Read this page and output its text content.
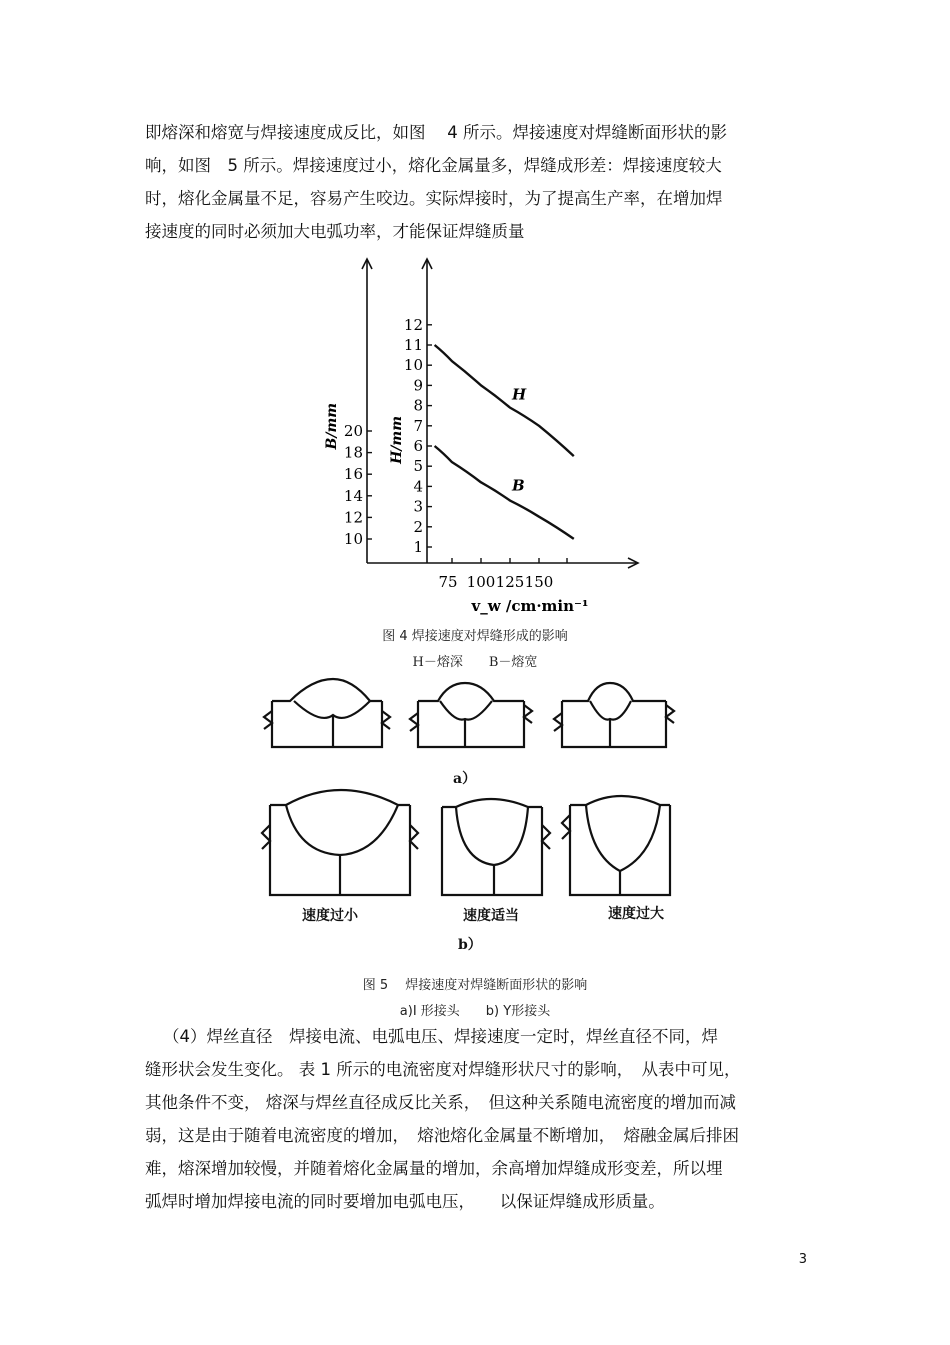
即熔深和熔宽与焊接速度成反比，如图　 4 所示。焊接速度对焊缝断面形状的影
响，如图　5 所示。焊接速度过小，熔化金属量多，焊缝成形差：焊接速度较大
时，熔化金属量不足，容易产生咬边。实际焊接时，为了提高生产率，在增加焊
接速度的同时必须加大电弧功率，才能保证焊缝质量
10
12
14
16
18
20
1
2
3
4
5
6
7
8
9
10
11
12
75 100 125 150
B/mm	H/mm
v_w /cm·min⁻¹
H
B
图 4 焊接速度对焊缝形成的影响
H－熔深　　B－熔宽
a）
速度过小	速度适当	速度过大
b）
图 5　 焊接速度对焊缝断面形状的影响
a)I 形接头　　b) Y形接头
（4）焊丝直径　焊接电流、电弧电压、焊接速度一定时，焊丝直径不同，焊
缝形状会发生变化。 表 1 所示的电流密度对焊缝形状尺寸的影响，　从表中可见，
其他条件不变， 熔深与焊丝直径成反比关系，　但这种关系随电流密度的增加而减
弱，这是由于随着电流密度的增加，　熔池熔化金属量不断增加，　熔融金属后排困
难，熔深增加较慢，并随着熔化金属量的增加，余高增加焊缝成形变差，所以埋
弧焊时增加焊接电流的同时要增加电弧电压，　　以保证焊缝成形质量。
3
